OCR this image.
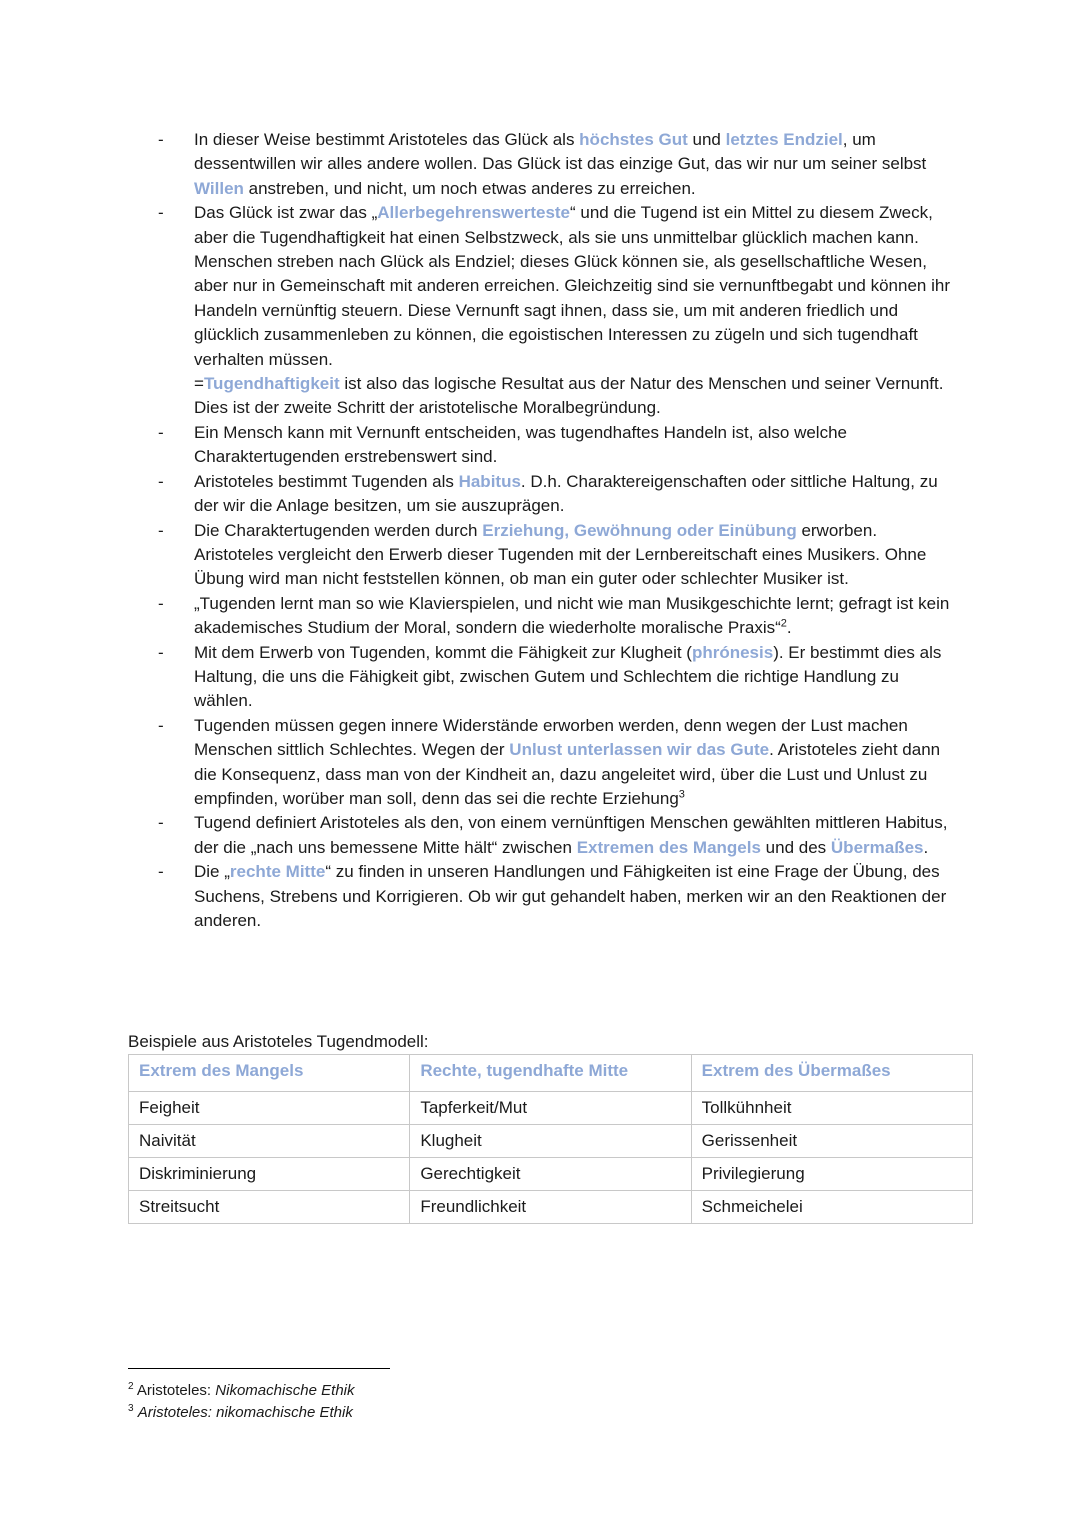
-	In dieser Weise bestimmt Aristoteles das Glück als höchstes Gut und letztes Endziel, um dessentwillen wir alles andere wollen. Das Glück ist das einzige Gut, das wir nur um seiner selbst Willen anstreben, und nicht, um noch etwas anderes zu erreichen.
-	Das Glück ist zwar das „Allerbegehrenswerteste“ und die Tugend ist ein Mittel zu diesem Zweck, aber die Tugendhaftigkeit hat einen Selbstzweck, als sie uns unmittelbar glücklich machen kann.
Menschen streben nach Glück als Endziel; dieses Glück können sie, als gesellschaftliche Wesen, aber nur in Gemeinschaft mit anderen erreichen. Gleichzeitig sind sie vernunftbegabt und können ihr Handeln vernünftig steuern. Diese Vernunft sagt ihnen, dass sie, um mit anderen friedlich und glücklich zusammenleben zu können, die egoistischen Interessen zu zügeln und sich tugendhaft verhalten müssen.
=Tugendhaftigkeit ist also das logische Resultat aus der Natur des Menschen und seiner Vernunft. Dies ist der zweite Schritt der aristotelische Moralbegründung.
-	Ein Mensch kann mit Vernunft entscheiden, was tugendhaftes Handeln ist, also welche Charaktertugenden erstrebenswert sind.
-	Aristoteles bestimmt Tugenden als Habitus. D.h. Charaktereigenschaften oder sittliche Haltung, zu der wir die Anlage besitzen, um sie auszuprägen.
-	Die Charaktertugenden werden durch Erziehung, Gewöhnung oder Einübung erworben. Aristoteles vergleicht den Erwerb dieser Tugenden mit der Lernbereitschaft eines Musikers. Ohne Übung wird man nicht feststellen können, ob man ein guter oder schlechter Musiker ist.
-	„Tugenden lernt man so wie Klavierspielen, und nicht wie man Musikgeschichte lernt; gefragt ist kein akademisches Studium der Moral, sondern die wiederholte moralische Praxis“$^2$.
-	Mit dem Erwerb von Tugenden, kommt die Fähigkeit zur Klugheit (phrónesis). Er bestimmt dies als Haltung, die uns die Fähigkeit gibt, zwischen Gutem und Schlechtem die richtige Handlung zu wählen.
-	Tugenden müssen gegen innere Widerstände erworben werden, denn wegen der Lust machen Menschen sittlich Schlechtes. Wegen der Unlust unterlassen wir das Gute. Aristoteles zieht dann die Konsequenz, dass man von der Kindheit an, dazu angeleitet wird, über die Lust und Unlust zu empfinden, worüber man soll, denn das sei die rechte Erziehung$^3$
-	Tugend definiert Aristoteles als den, von einem vernünftigen Menschen gewählten mittleren Habitus, der die „nach uns bemessene Mitte hält“ zwischen Extremen des Mangels und des Übermaßes.
-	Die „rechte Mitte“ zu finden in unseren Handlungen und Fähigkeiten ist eine Frage der Übung, des Suchens, Strebens und Korrigieren. Ob wir gut gehandelt haben, merken wir an den Reaktionen der anderen.
Beispiele aus Aristoteles Tugendmodell:
Extrem des Mangels	Rechte, tugendhafte Mitte	Extrem des Übermaßes
Feigheit	Tapferkeit/Mut	Tollkühnheit
Naivität	Klugheit	Gerissenheit
Diskriminierung	Gerechtigkeit	Privilegierung
Streitsucht	Freundlichkeit	Schmeichelei
$^2$ Aristoteles: Nikomachische Ethik
$^3$ Aristoteles: nikomachische Ethik
